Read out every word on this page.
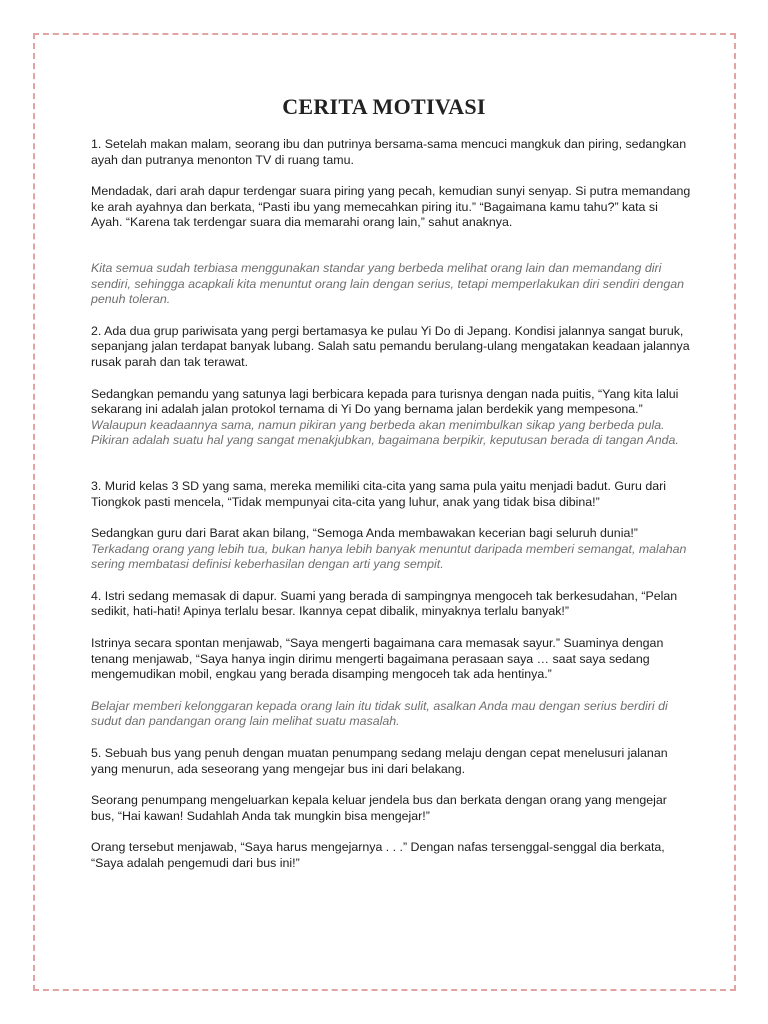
CERITA MOTIVASI

1. Setelah makan malam, seorang ibu dan putrinya bersama-sama mencuci mangkuk dan piring, sedangkan ayah dan putranya menonton TV di ruang tamu.

Mendadak, dari arah dapur terdengar suara piring yang pecah, kemudian sunyi senyap. Si putra memandang ke arah ayahnya dan berkata, “Pasti ibu yang memecahkan piring itu.” “Bagaimana kamu tahu?” kata si Ayah. “Karena tak terdengar suara dia memarahi orang lain,” sahut anaknya.

Kita semua sudah terbiasa menggunakan standar yang berbeda melihat orang lain dan memandang diri sendiri, sehingga acapkali kita menuntut orang lain dengan serius, tetapi memperlakukan diri sendiri dengan penuh toleran.

2. Ada dua grup pariwisata yang pergi bertamasya ke pulau Yi Do di Jepang. Kondisi jalannya sangat buruk, sepanjang jalan terdapat banyak lubang. Salah satu pemandu berulang-ulang mengatakan keadaan jalannya rusak parah dan tak terawat.

Sedangkan pemandu yang satunya lagi berbicara kepada para turisnya dengan nada puitis, “Yang kita lalui sekarang ini adalah jalan protokol ternama di Yi Do yang bernama jalan berdekik yang mempesona.”

Walaupun keadaannya sama, namun pikiran yang berbeda akan menimbulkan sikap yang berbeda pula. Pikiran adalah suatu hal yang sangat menakjubkan, bagaimana berpikir, keputusan berada di tangan Anda.

3. Murid kelas 3 SD yang sama, mereka memiliki cita-cita yang sama pula yaitu menjadi badut. Guru dari Tiongkok pasti mencela, “Tidak mempunyai cita-cita yang luhur, anak yang tidak bisa dibina!”

Sedangkan guru dari Barat akan bilang, “Semoga Anda membawakan kecerian bagi seluruh dunia!”

Terkadang orang yang lebih tua, bukan hanya lebih banyak menuntut daripada memberi semangat, malahan sering membatasi definisi keberhasilan dengan arti yang sempit.

4. Istri sedang memasak di dapur. Suami yang berada di sampingnya mengoceh tak berkesudahan, “Pelan sedikit, hati-hati! Apinya terlalu besar. Ikannya cepat dibalik, minyaknya terlalu banyak!”

Istrinya secara spontan menjawab, “Saya mengerti bagaimana cara memasak sayur.” Suaminya dengan tenang menjawab, “Saya hanya ingin dirimu mengerti bagaimana perasaan saya … saat saya sedang mengemudikan mobil, engkau yang berada disamping mengoceh tak ada hentinya.”

Belajar memberi kelonggaran kepada orang lain itu tidak sulit, asalkan Anda mau dengan serius berdiri di sudut dan pandangan orang lain melihat suatu masalah.

5. Sebuah bus yang penuh dengan muatan penumpang sedang melaju dengan cepat menelusuri jalanan yang menurun, ada seseorang yang mengejar bus ini dari belakang.

Seorang penumpang mengeluarkan kepala keluar jendela bus dan berkata dengan orang yang mengejar bus, “Hai kawan! Sudahlah Anda tak mungkin bisa mengejar!”

Orang tersebut menjawab, “Saya harus mengejarnya . . .” Dengan nafas tersenggal-senggal dia berkata, “Saya adalah pengemudi dari bus ini!”
